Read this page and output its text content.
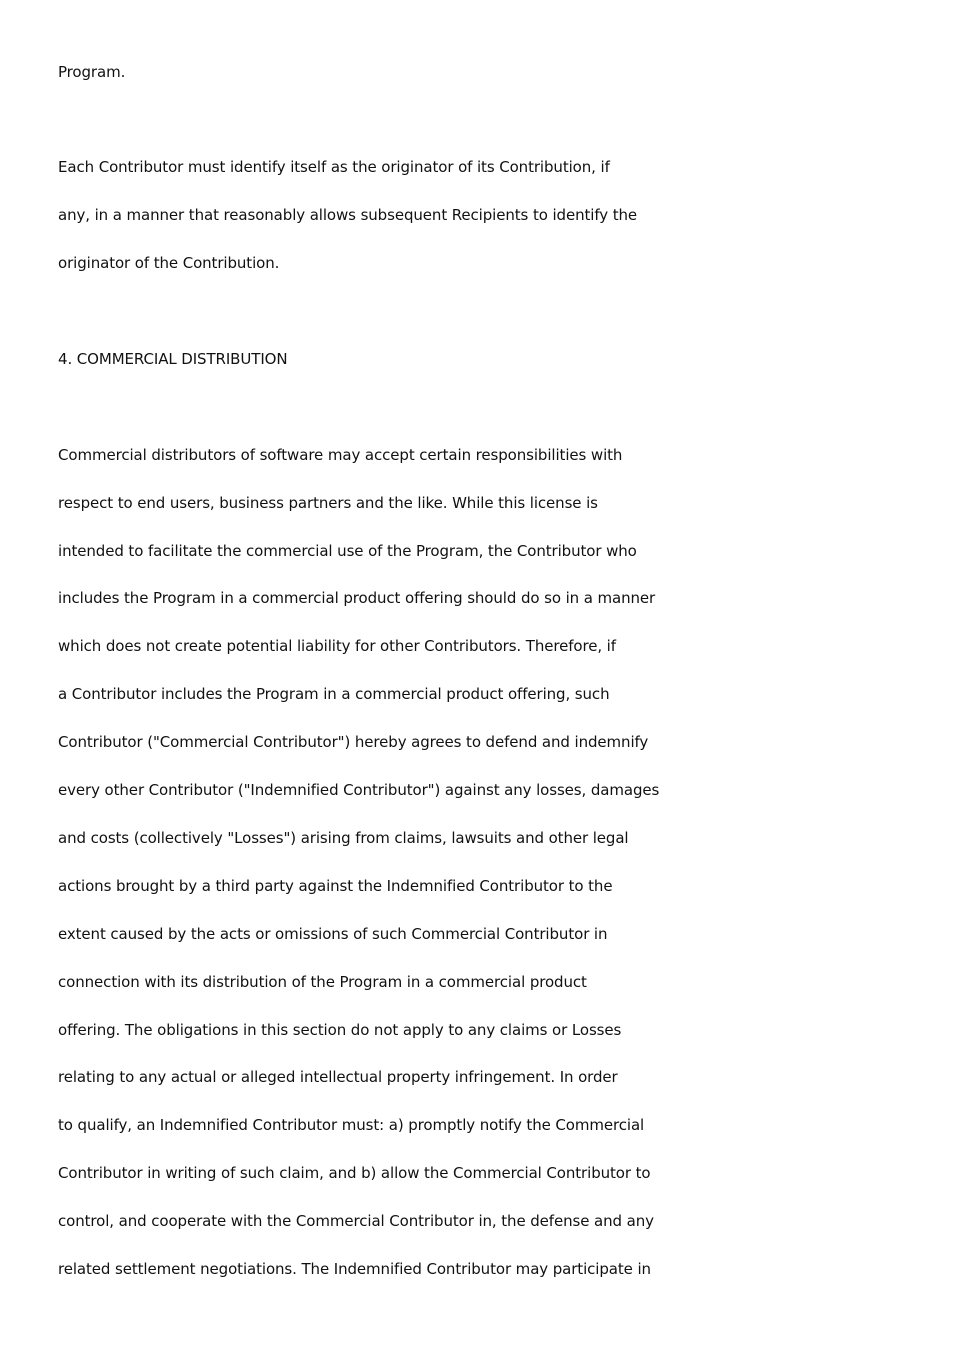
Program.
Each Contributor must identify itself as the originator of its Contribution, if
any, in a manner that reasonably allows subsequent Recipients to identify the
originator of the Contribution.
4. COMMERCIAL DISTRIBUTION
Commercial distributors of software may accept certain responsibilities with
respect to end users, business partners and the like. While this license is
intended to facilitate the commercial use of the Program, the Contributor who
includes the Program in a commercial product offering should do so in a manner
which does not create potential liability for other Contributors. Therefore, if
a Contributor includes the Program in a commercial product offering, such
Contributor ("Commercial Contributor") hereby agrees to defend and indemnify
every other Contributor ("Indemnified Contributor") against any losses, damages
and costs (collectively "Losses") arising from claims, lawsuits and other legal
actions brought by a third party against the Indemnified Contributor to the
extent caused by the acts or omissions of such Commercial Contributor in
connection with its distribution of the Program in a commercial product
offering. The obligations in this section do not apply to any claims or Losses
relating to any actual or alleged intellectual property infringement. In order
to qualify, an Indemnified Contributor must: a) promptly notify the Commercial
Contributor in writing of such claim, and b) allow the Commercial Contributor to
control, and cooperate with the Commercial Contributor in, the defense and any
related settlement negotiations. The Indemnified Contributor may participate in
